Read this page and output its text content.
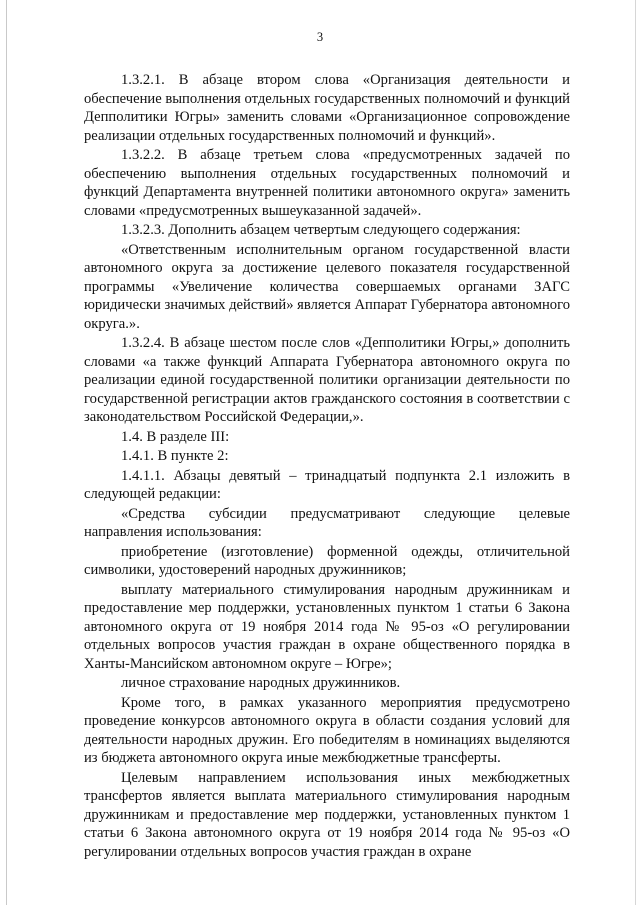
3

1.3.2.1. В абзаце втором слова «Организация деятельности и обеспечение выполнения отдельных государственных полномочий и функций Депполитики Югры» заменить словами «Организационное сопровождение реализации отдельных государственных полномочий и функций».

1.3.2.2. В абзаце третьем слова «предусмотренных задачей по обеспечению выполнения отдельных государственных полномочий и функций Департамента внутренней политики автономного округа» заменить словами «предусмотренных вышеуказанной задачей».

1.3.2.3. Дополнить абзацем четвертым следующего содержания:

«Ответственным исполнительным органом государственной власти автономного округа за достижение целевого показателя государственной программы «Увеличение количества совершаемых органами ЗАГС юридически значимых действий» является Аппарат Губернатора автономного округа.».

1.3.2.4. В абзаце шестом после слов «Депполитики Югры,» дополнить словами «а также функций Аппарата Губернатора автономного округа по реализации единой государственной политики организации деятельности по государственной регистрации актов гражданского состояния в соответствии с законодательством Российской Федерации,».

1.4. В разделе III:

1.4.1. В пункте 2:

1.4.1.1. Абзацы девятый – тринадцатый подпункта 2.1 изложить в следующей редакции:

«Средства субсидии предусматривают следующие целевые направления использования:

приобретение (изготовление) форменной одежды, отличительной символики, удостоверений народных дружинников;

выплату материального стимулирования народным дружинникам и предоставление мер поддержки, установленных пунктом 1 статьи 6 Закона автономного округа от 19 ноября 2014 года № 95-оз «О регулировании отдельных вопросов участия граждан в охране общественного порядка в Ханты-Мансийском автономном округе – Югре»;

личное страхование народных дружинников.

Кроме того, в рамках указанного мероприятия предусмотрено проведение конкурсов автономного округа в области создания условий для деятельности народных дружин. Его победителям в номинациях выделяются из бюджета автономного округа иные межбюджетные трансферты.

Целевым направлением использования иных межбюджетных трансфертов является выплата материального стимулирования народным дружинникам и предоставление мер поддержки, установленных пунктом 1 статьи 6 Закона автономного округа от 19 ноября 2014 года № 95-оз «О регулировании отдельных вопросов участия граждан в охране
